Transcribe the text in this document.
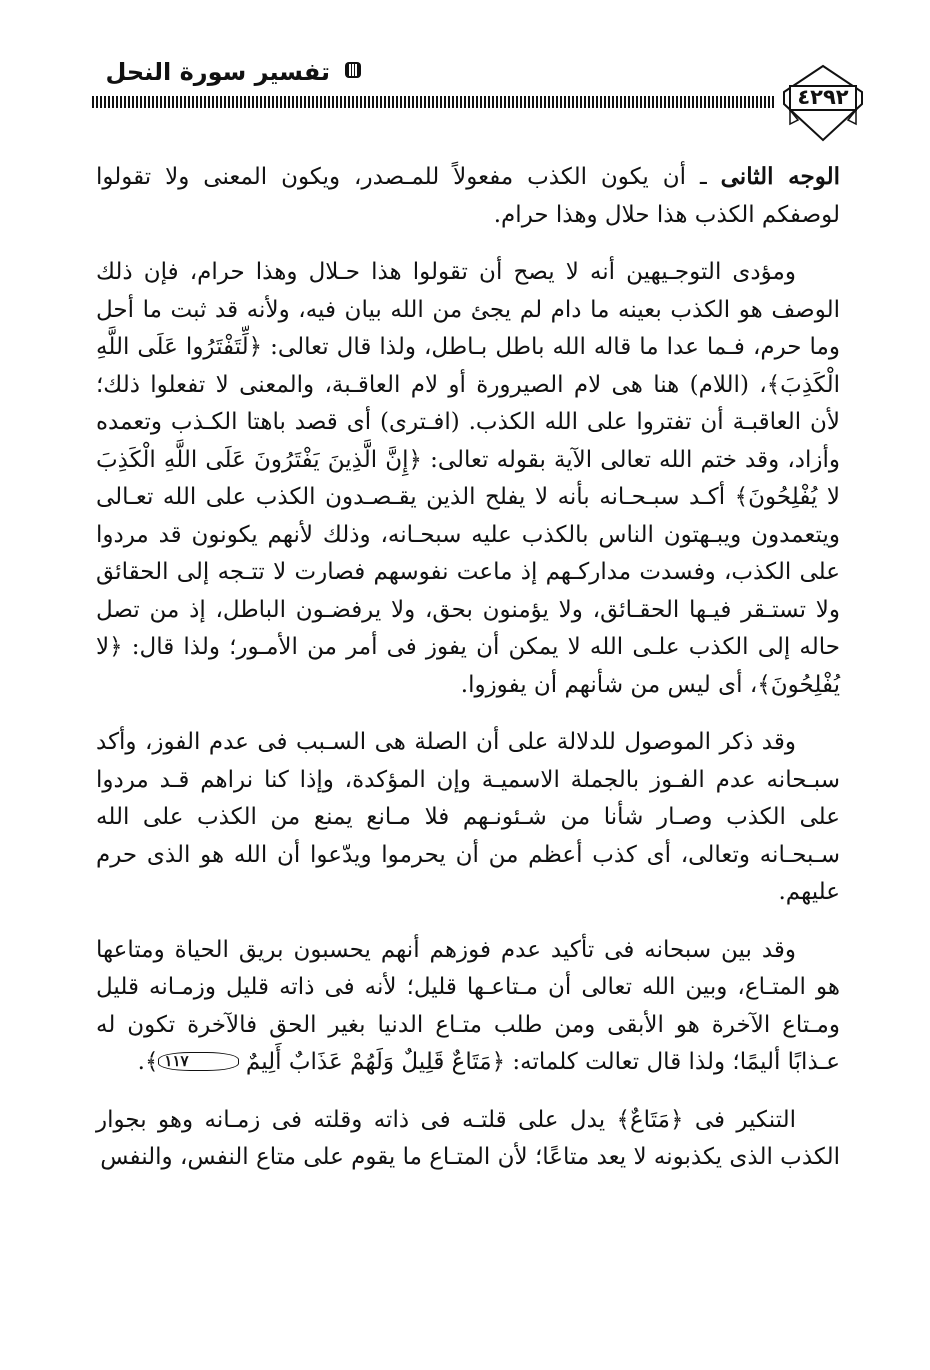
تفسير سورة النحل
٤٢٩٢

الوجه الثانى ـ أن يكون الكذب مفعولاً للمـصدر، ويكون المعنى ولا تقولوا لوصفكم الكذب هذا حلال وهذا حرام.

ومؤدى التوجـيهين أنه لا يصح أن تقولوا هذا حـلال وهذا حرام، فإن ذلك الوصف هو الكذب بعينه ما دام لم يجئ من الله بيان فيه، ولأنه قد ثبت ما أحل وما حرم، فـما عدا ما قاله الله باطل بـاطل، ولذا قال تعالى: ﴿لِّتَفْتَرُوا عَلَى اللَّهِ الْكَذِبَ﴾، (اللام) هنا هى لام الصيرورة أو لام العاقـبة، والمعنى لا تفعلوا ذلك؛ لأن العاقبـة أن تفتروا على الله الكذب. (افـترى) أى قصد باهتا الكـذب وتعمده وأزاد، وقد ختم الله تعالى الآية بقوله تعالى: ﴿إِنَّ الَّذِينَ يَفْتَرُونَ عَلَى اللَّهِ الْكَذِبَ لا يُفْلِحُونَ﴾ أكـد سبـحـانه بأنه لا يفلح الذين يقـصـدون الكذب على الله تعـالى ويتعمدون ويبـهتون الناس بالكذب عليه سبحـانه، وذلك لأنهم يكونون قد مردوا على الكذب، وفسدت مداركـهم إذ ماعت نفوسهم فصارت لا تتـجه إلى الحقائق ولا تستـقر فيـها الحقـائق، ولا يؤمنون بحق، ولا يرفضـون الباطل، إذ من تصل حاله إلى الكذب علـى الله لا يمكن أن يفوز فى أمر من الأمـور؛ ولذا قال: ﴿لا يُفْلِحُونَ﴾، أى ليس من شأنهم أن يفوزوا.

وقد ذكر الموصول للدلالة على أن الصلة هى السـبب فى عدم الفوز، وأكد سبـحانه عدم الفـوز بالجملة الاسميـة وإن المؤكدة، وإذا كنا نراهم قـد مردوا على الكذب وصـار شأنا من شـئونـهم فلا مـانع يمنع من الكذب على الله سـبحـانه وتعالى، أى كذب أعظم من أن يحرموا ويدّعوا أن الله هو الذى حرم عليهم.

وقد بين سبحانه فى تأكيد عدم فوزهم أنهم يحسبون بريق الحياة ومتاعها هو المتـاع، وبين الله تعالى أن مـتاعـها قليل؛ لأنه فى ذاته قليل وزمـانه قليل ومـتاع الآخرة هو الأبقى ومن طلب متـاع الدنيا بغير الحق فالآخرة تكون له عـذابًا أليمًا؛ ولذا قال تعالت كلماته: ﴿مَتَاعٌ قَلِيلٌ وَلَهُمْ عَذَابٌ أَلِيمٌ ١١٧﴾.

التنكير فى ﴿مَتَاعٌ﴾ يدل على قلتـه فى ذاته وقلته فى زمـانه وهو بجوار الكذب الذى يكذبونه لا يعد متاعًا؛ لأن المتـاع ما يقوم على متاع النفس، والنفس
